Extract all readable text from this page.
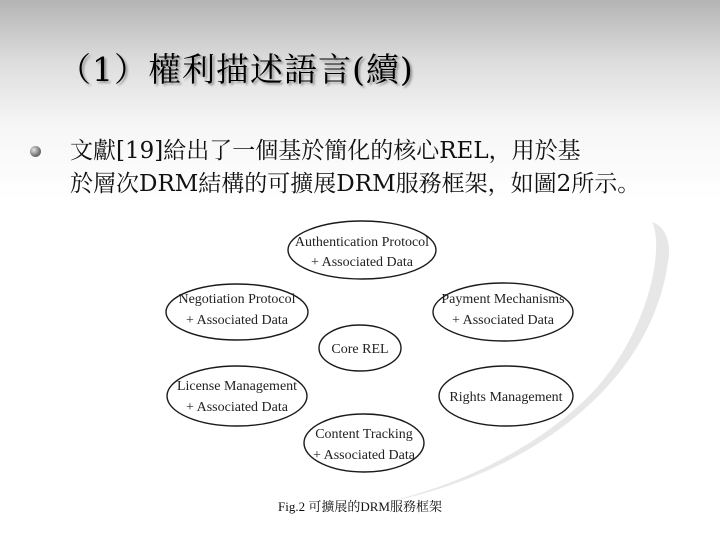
（1）權利描述語言(續)

文獻[19]給出了一個基於簡化的核心REL，用於基
於層次DRM結構的可擴展DRM服務框架，如圖2所示。

Authentication Protocol
+ Associated Data
Negotiation Protocol
+ Associated Data
Payment Mechanisms
+ Associated Data
Core REL
License Management
+ Associated Data
Rights Management
Content Tracking
+ Associated Data
Fig.2 可擴展的DRM服務框架
